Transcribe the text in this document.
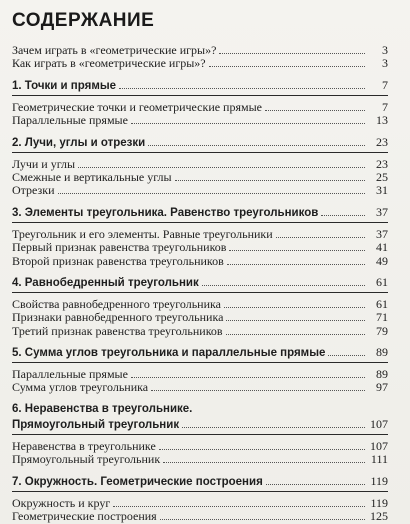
СОДЕРЖАНИЕ
Зачем играть в «геометрические игры»?	3
Как играть в «геометрические игры»?	3
1. Точки и прямые	7
Геометрические точки и геометрические прямые	7
Параллельные прямые	13
2. Лучи, углы и отрезки	23
Лучи и углы	23
Смежные и вертикальные углы	25
Отрезки	31
3. Элементы треугольника. Равенство треугольников	37
Треугольник и его элементы. Равные треугольники	37
Первый признак равенства треугольников	41
Второй признак равенства треугольников	49
4. Равнобедренный треугольник	61
Свойства равнобедренного треугольника	61
Признаки равнобедренного треугольника	71
Третий признак равенства треугольников	79
5. Сумма углов треугольника и параллельные прямые	89
Параллельные прямые	89
Сумма углов треугольника	97
6. Неравенства в треугольнике.
Прямоугольный треугольник	107
Неравенства в треугольнике	107
Прямоугольный треугольник	111
7. Окружность. Геометрические построения	119
Окружность и круг	119
Геометрические построения	125
